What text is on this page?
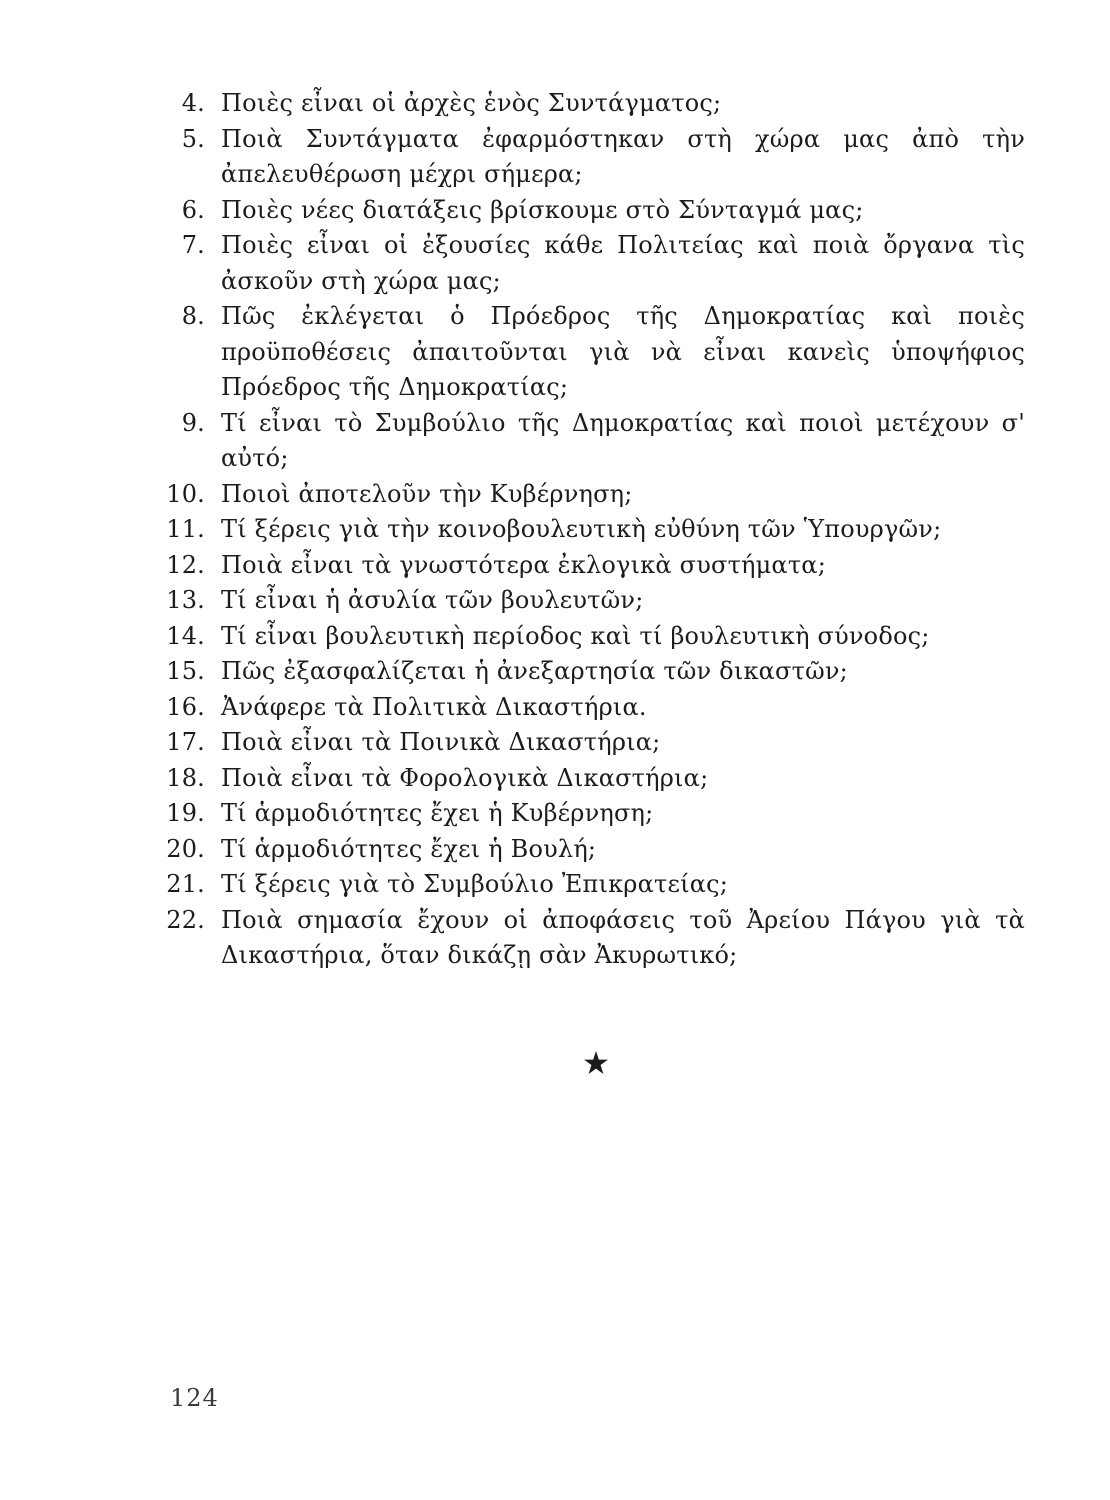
4. Ποιὲς εἶναι οἱ ἀρχὲς ἑνὸς Συντάγματος;
5. Ποιὰ Συντάγματα ἐφαρμόστηκαν στὴ χώρα μας ἀπὸ τὴν ἀπελευθέρωση μέχρι σήμερα;
6. Ποιὲς νέες διατάξεις βρίσκουμε στὸ Σύνταγμά μας;
7. Ποιὲς εἶναι οἱ ἐξουσίες κάθε Πολιτείας καὶ ποιὰ ὄργανα τὶς ἀσκοῦν στὴ χώρα μας;
8. Πῶς ἐκλέγεται ὁ Πρόεδρος τῆς Δημοκρατίας καὶ ποιὲς προϋποθέσεις ἀπαιτοῦνται γιὰ νὰ εἶναι κανεὶς ὑποψήφιος Πρόεδρος τῆς Δημοκρατίας;
9. Τί εἶναι τὸ Συμβούλιο τῆς Δημοκρατίας καὶ ποιοὶ μετέχουν σ' αὐτό;
10. Ποιοὶ ἀποτελοῦν τὴν Κυβέρνηση;
11. Τί ξέρεις γιὰ τὴν κοινοβουλευτικὴ εὐθύνη τῶν Ὑπουργῶν;
12. Ποιὰ εἶναι τὰ γνωστότερα ἐκλογικὰ συστήματα;
13. Τί εἶναι ἡ ἀσυλία τῶν βουλευτῶν;
14. Τί εἶναι βουλευτικὴ περίοδος καὶ τί βουλευτικὴ σύνοδος;
15. Πῶς ἐξασφαλίζεται ἡ ἀνεξαρτησία τῶν δικαστῶν;
16. Ἀνάφερε τὰ Πολιτικὰ Δικαστήρια.
17. Ποιὰ εἶναι τὰ Ποινικὰ Δικαστήρια;
18. Ποιὰ εἶναι τὰ Φορολογικὰ Δικαστήρια;
19. Τί ἁρμοδιότητες ἔχει ἡ Κυβέρνηση;
20. Τί ἁρμοδιότητες ἔχει ἡ Βουλή;
21. Τί ξέρεις γιὰ τὸ Συμβούλιο Ἐπικρατείας;
22. Ποιὰ σημασία ἔχουν οἱ ἀποφάσεις τοῦ Ἀρείου Πάγου γιὰ τὰ Δικαστήρια, ὅταν δικάζῃ σὰν Ἀκυρωτικό;
124
